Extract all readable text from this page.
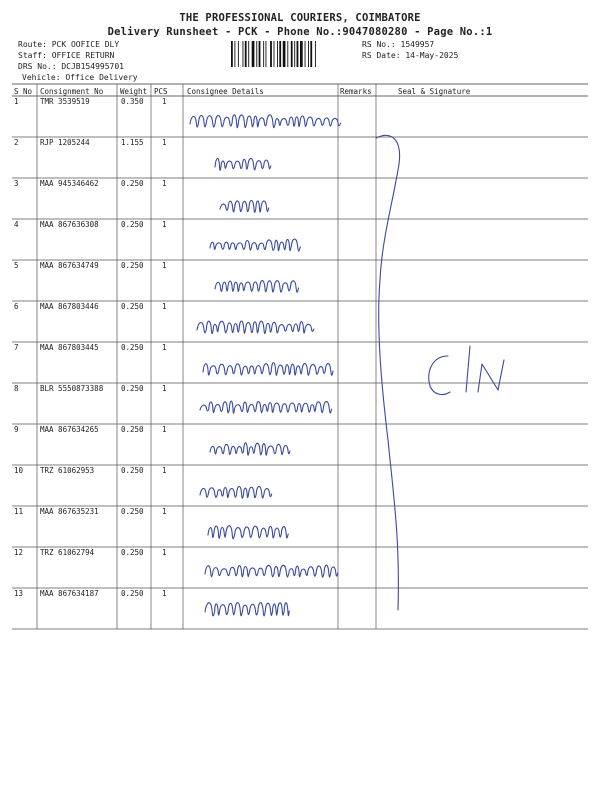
THE PROFESSIONAL COURIERS, COIMBATORE
Delivery Runsheet - PCK - Phone No.:9047080280 - Page No.:1
Route: PCK OOFICE DLY
Staff: OFFICE RETURN
DRS No.: DCJB154995701
Vehicle: Office Delivery
RS No.: 1549957
RS Date: 14-May-2025
S No Consignment No Weight PCS	Consignee Details	Remarks	Seal & Signature
1	TMR 3539519	0.350 1
2	RJP 1205244	1.155 1
3	MAA 945346462	0.250 1
4	MAA 867636308	0.250 1
5	MAA 867634749	0.250 1
6	MAA 867803446	0.250 1
7	MAA 867803445	0.250 1
8	BLR 5550873388 0.250 1
9	MAA 867634265	0.250 1
10 TRZ 61062953	0.250 1
11 MAA 867635231	0.250 1
12 TRZ 61062794	0.250 1
13 MAA 867634187	0.250 1
